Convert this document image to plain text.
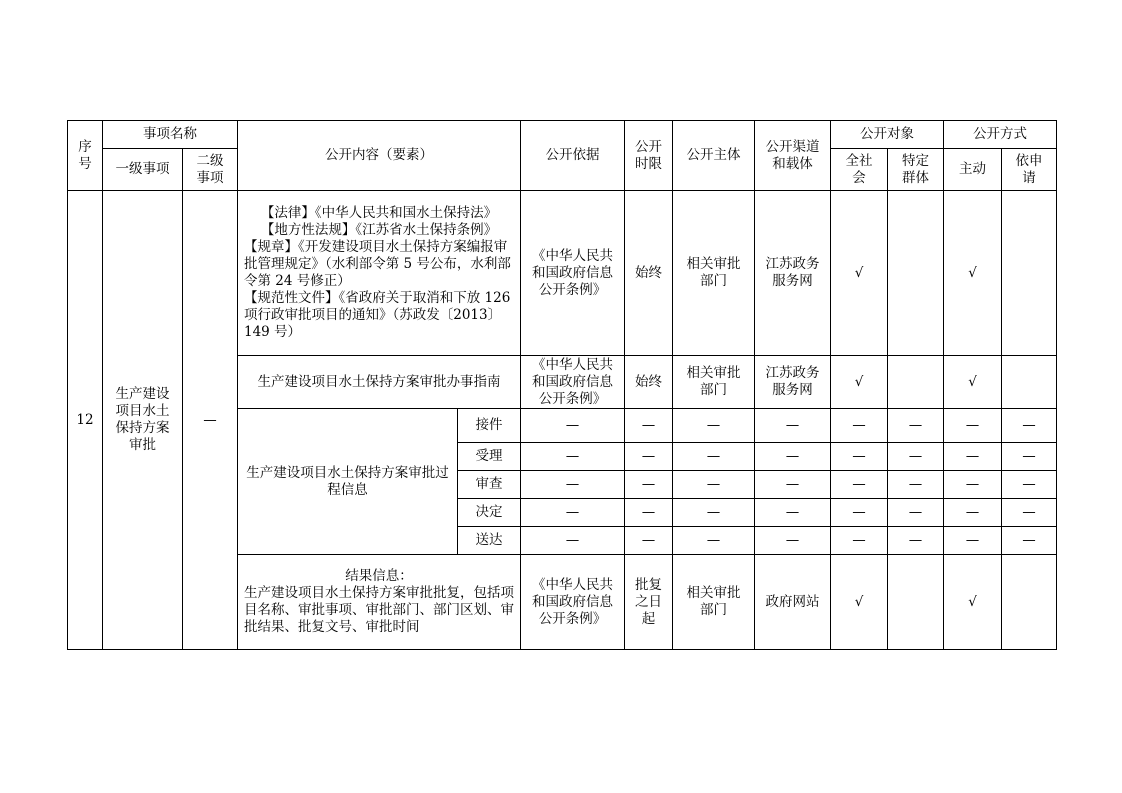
序号	事项名称		公开内容（要素）		公开依据	公开时限	公开主体	公开渠道和载体	公开对象		公开方式	
	一级事项	二级事项							全社会	特定群体	主动	依申请
12	生产建设项目水土保持方案审批	—	【法律】《中华人民共和国水土保持法》
【地方性法规】《江苏省水土保持条例》
【规章】《开发建设项目水土保持方案编报审批管理规定》（水利部令第 5 号公布，水利部令第 24 号修正）
【规范性文件】《省政府关于取消和下放 126 项行政审批项目的通知》（苏政发〔2013〕149 号）		《中华人民共和国政府信息公开条例》	始终	相关审批部门	江苏政务服务网	√		√	
			生产建设项目水土保持方案审批办事指南		《中华人民共和国政府信息公开条例》	始终	相关审批部门	江苏政务服务网	√		√	
			生产建设项目水土保持方案审批过程信息	接件	—	—	—	—	—	—	—	—
				受理	—	—	—	—	—	—	—	—
				审查	—	—	—	—	—	—	—	—
				决定	—	—	—	—	—	—	—	—
				送达	—	—	—	—	—	—	—	—

			结果信息：
生产建设项目水土保持方案审批批复，包括项目名称、审批事项、审批部门、部门区划、审批结果、批复文号、审批时间		《中华人民共和国政府信息公开条例》	批复之日起	相关审批部门	政府网站	√		√	
